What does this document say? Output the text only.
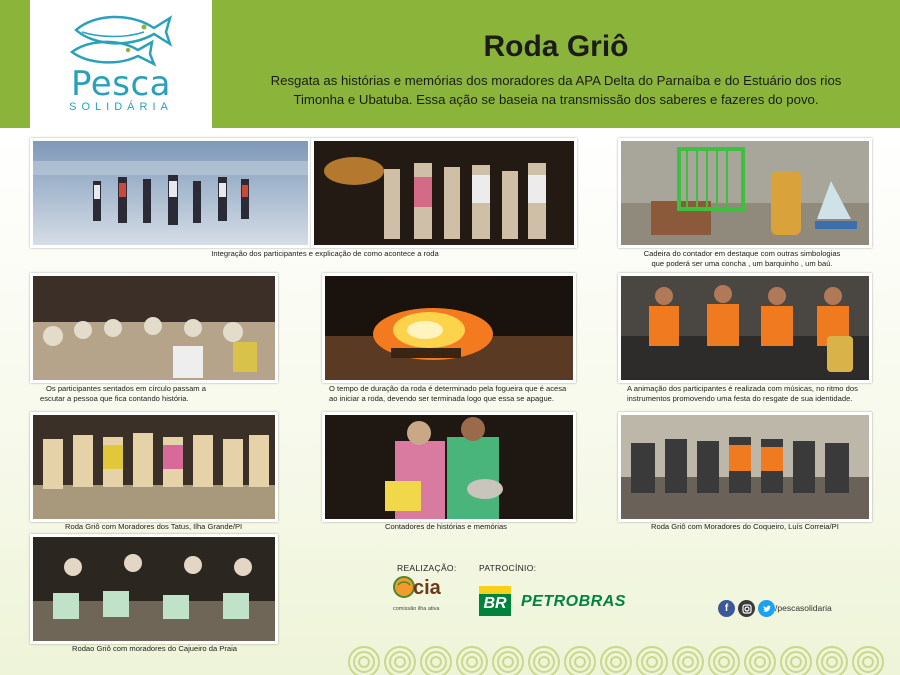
Pesca
SOLIDÁRIA
Roda Griô
Resgata as histórias e memórias dos moradores da APA Delta do Parnaíba e do Estuário dos rios
Timonha e Ubatuba. Essa ação se baseia na transmissão dos saberes e fazeres do povo.
Integração dos participantes e explicação de como acontece a roda	Cadeira do contador em destaque com outras simbologias
que poderá ser uma concha , um barquinho , um baú.
Os participantes sentados em círculo passam a
escutar a pessoa que fica contando história.
O tempo de duração da roda é determinado pela fogueira que é acesa
ao iniciar a roda, devendo ser terminada logo que essa se apague.
A animação dos participantes é realizada com músicas, no ritmo dos
instrumentos promovendo uma festa do resgate de sua identidade.
Roda Griô com Moradores dos Tatus, Ilha Grande/PI	Contadores de histórias e memórias	Roda Griô com Moradores do Coqueiro, Luís Correia/PI
Rodao Griô com moradores do Cajueiro da Praia
REALIZAÇÃO:	PATROCÍNIO:
cia
comissão ilha ativa	BR PETROBRAS	f	/pescasolidaria
